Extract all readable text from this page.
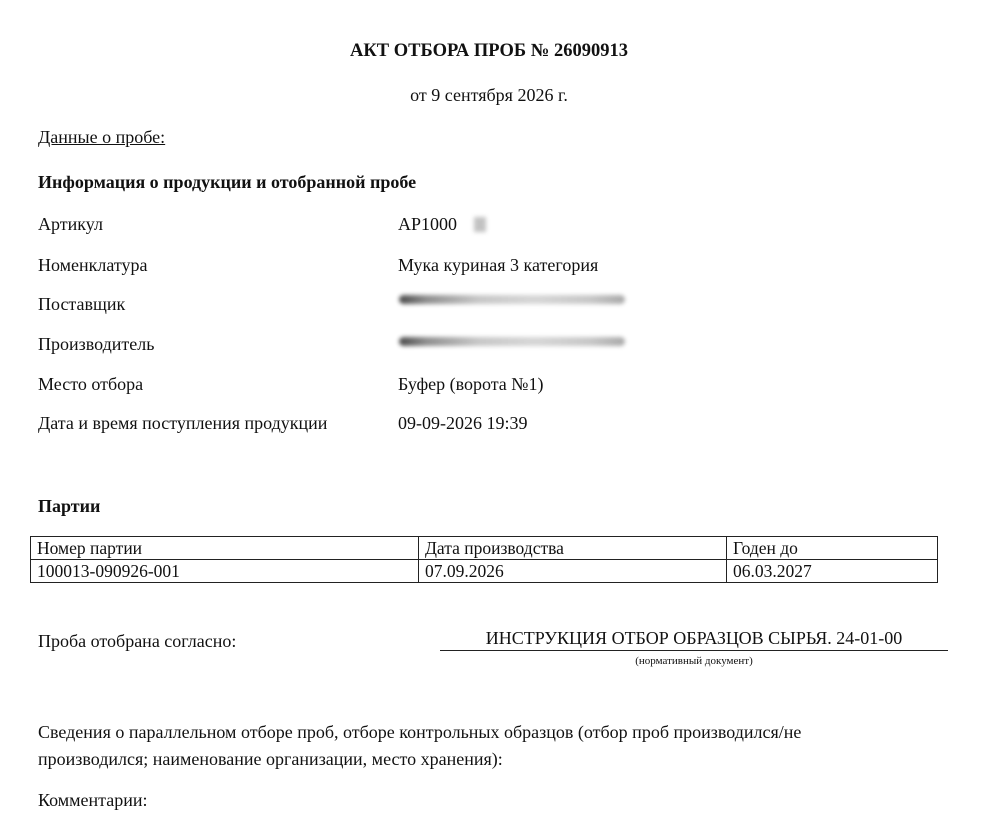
АКТ ОТБОРА ПРОБ № 26090913
от 9 сентября 2026 г.
Данные о пробе:
Информация о продукции и отобранной пробе
Артикул	AP1000
Номенклатура	Мука куриная 3 категория
Поставщик
Производитель
Место отбора	Буфер (ворота №1)
Дата и время поступления продукции	09-09-2026 19:39
Партии
Номер партии	Дата производства	Годен до
100013-090926-001	07.09.2026	06.03.2027
Проба отобрана согласно:	ИНСТРУКЦИЯ ОТБОР ОБРАЗЦОВ СЫРЬЯ. 24-01-00
(нормативный документ)
Сведения о параллельном отборе проб, отборе контрольных образцов (отбор проб производился/не
производился; наименование организации, место хранения):
Комментарии:
